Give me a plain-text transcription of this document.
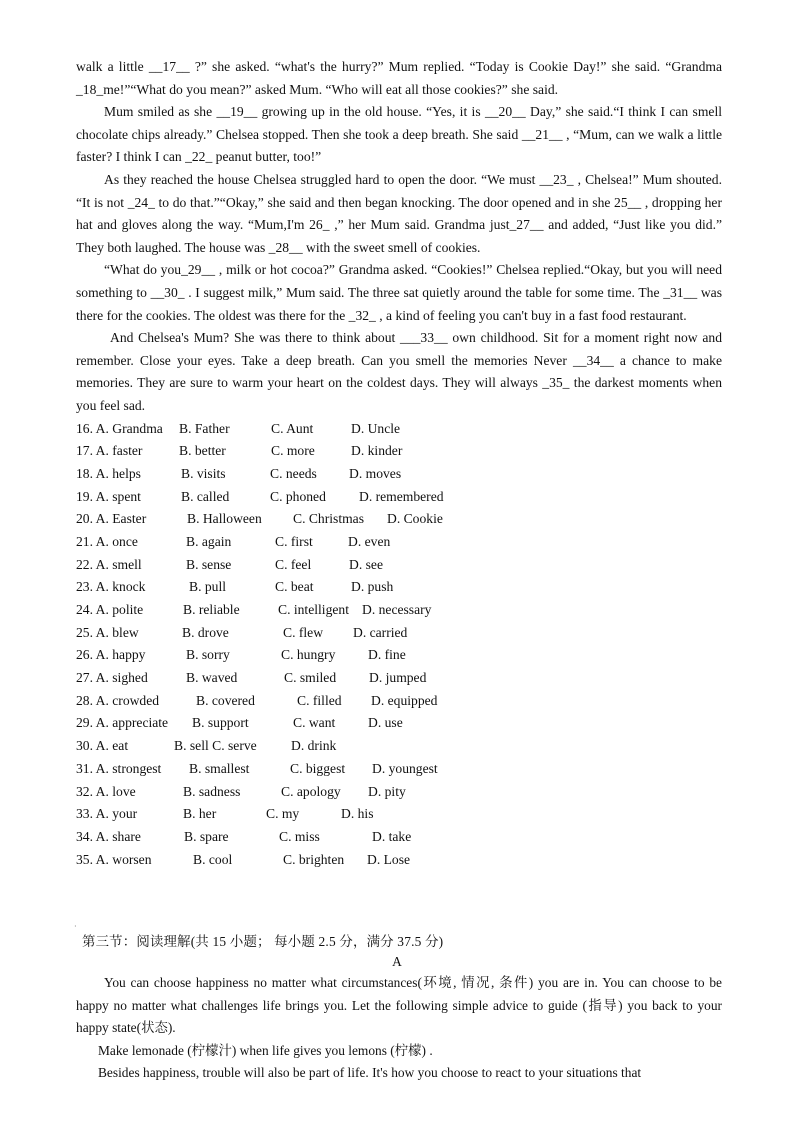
walk a little __17__ ?” she asked. “what's the hurry?” Mum replied. “Today is Cookie Day!” she said. “Grandma _18_me!”“What do you mean?” asked Mum. “Who will eat all those cookies?” she said.

Mum smiled as she __19__ growing up in the old house. “Yes, it is __20__ Day,” she said.“I think I can smell chocolate chips already.” Chelsea stopped. Then she took a deep breath. She said __21__ , “Mum, can we walk a little faster? I think I can _22_ peanut butter, too!”

As they reached the house Chelsea struggled hard to open the door. “We must __23_ , Chelsea!” Mum shouted. “It is not _24_ to do that.”“Okay,” she said and then began knocking. The door opened and in she 25__ , dropping her hat and gloves along the way. “Mum,I'm 26_ ,” her Mum said. Grandma just_27__ and added, “Just like you did.” They both laughed. The house was _28__ with the sweet smell of cookies.

“What do you_29__ , milk or hot cocoa?” Grandma asked. “Cookies!” Chelsea replied.“Okay, but you will need something to __30_ . I suggest milk,” Mum said. The three sat quietly around the table for some time. The _31__ was there for the cookies. The oldest was there for the _32_ , a kind of feeling you can't buy in a fast food restaurant.

And Chelsea's Mum? She was there to think about ___33__ own childhood. Sit for a moment right now and remember. Close your eyes. Take a deep breath. Can you smell the memories Never __34__ a chance to make memories. They are sure to warm your heart on the coldest days. They will always _35_ the darkest moments when you feel sad.

16. A. Grandma B. Father	C. Aunt	D. Uncle
17. A. faster	B. better	C. more	D. kinder
18. A. helps	B. visits	C. needs D. moves
19. A. spent	B. called	C. phoned D. remembered
20. A. Easter	B. Halloween C. Christmas D. Cookie
21. A. once	B. again	C. first	D. even
22. A. smell	B. sense	C. feel	D. see
23. A. knock	B. pull	C. beat	D. push
24. A. polite	B. reliable	C. intelligent D. necessary
25. A. blew	B. drove	C. flew D. carried
26. A. happy	B. sorry	C. hungry D. fine
27. A. sighed	B. waved	C. smiled D. jumped
28. A. crowded	B. covered	C. filled D. equipped
29. A. appreciate B. support	C. want D. use
30. A. eat	B. sell C. serve	D. drink
31. A. strongest B. smallest	C. biggest D. youngest
32. A. love	B. sadness	C. apology D. pity
33. A. your	B. her	C. my	D. his
34. A. share	B. spare	C. miss	D. take
35. A. worsen	B. cool	C. brighten D. Lose
·
第三节：阅读理解(共 15 小题； 每小题 2.5 分，满分 37.5 分)
A

You can choose happiness no matter what circumstances(环境, 情况, 条件) you are in. You can choose to be happy no matter what challenges life brings you. Let the following simple advice to guide (指导) you back to your happy state(状态).

Make lemonade (柠檬汁) when life gives you lemons (柠檬) .

Besides happiness, trouble will also be part of life. It's how you choose to react to your situations that
